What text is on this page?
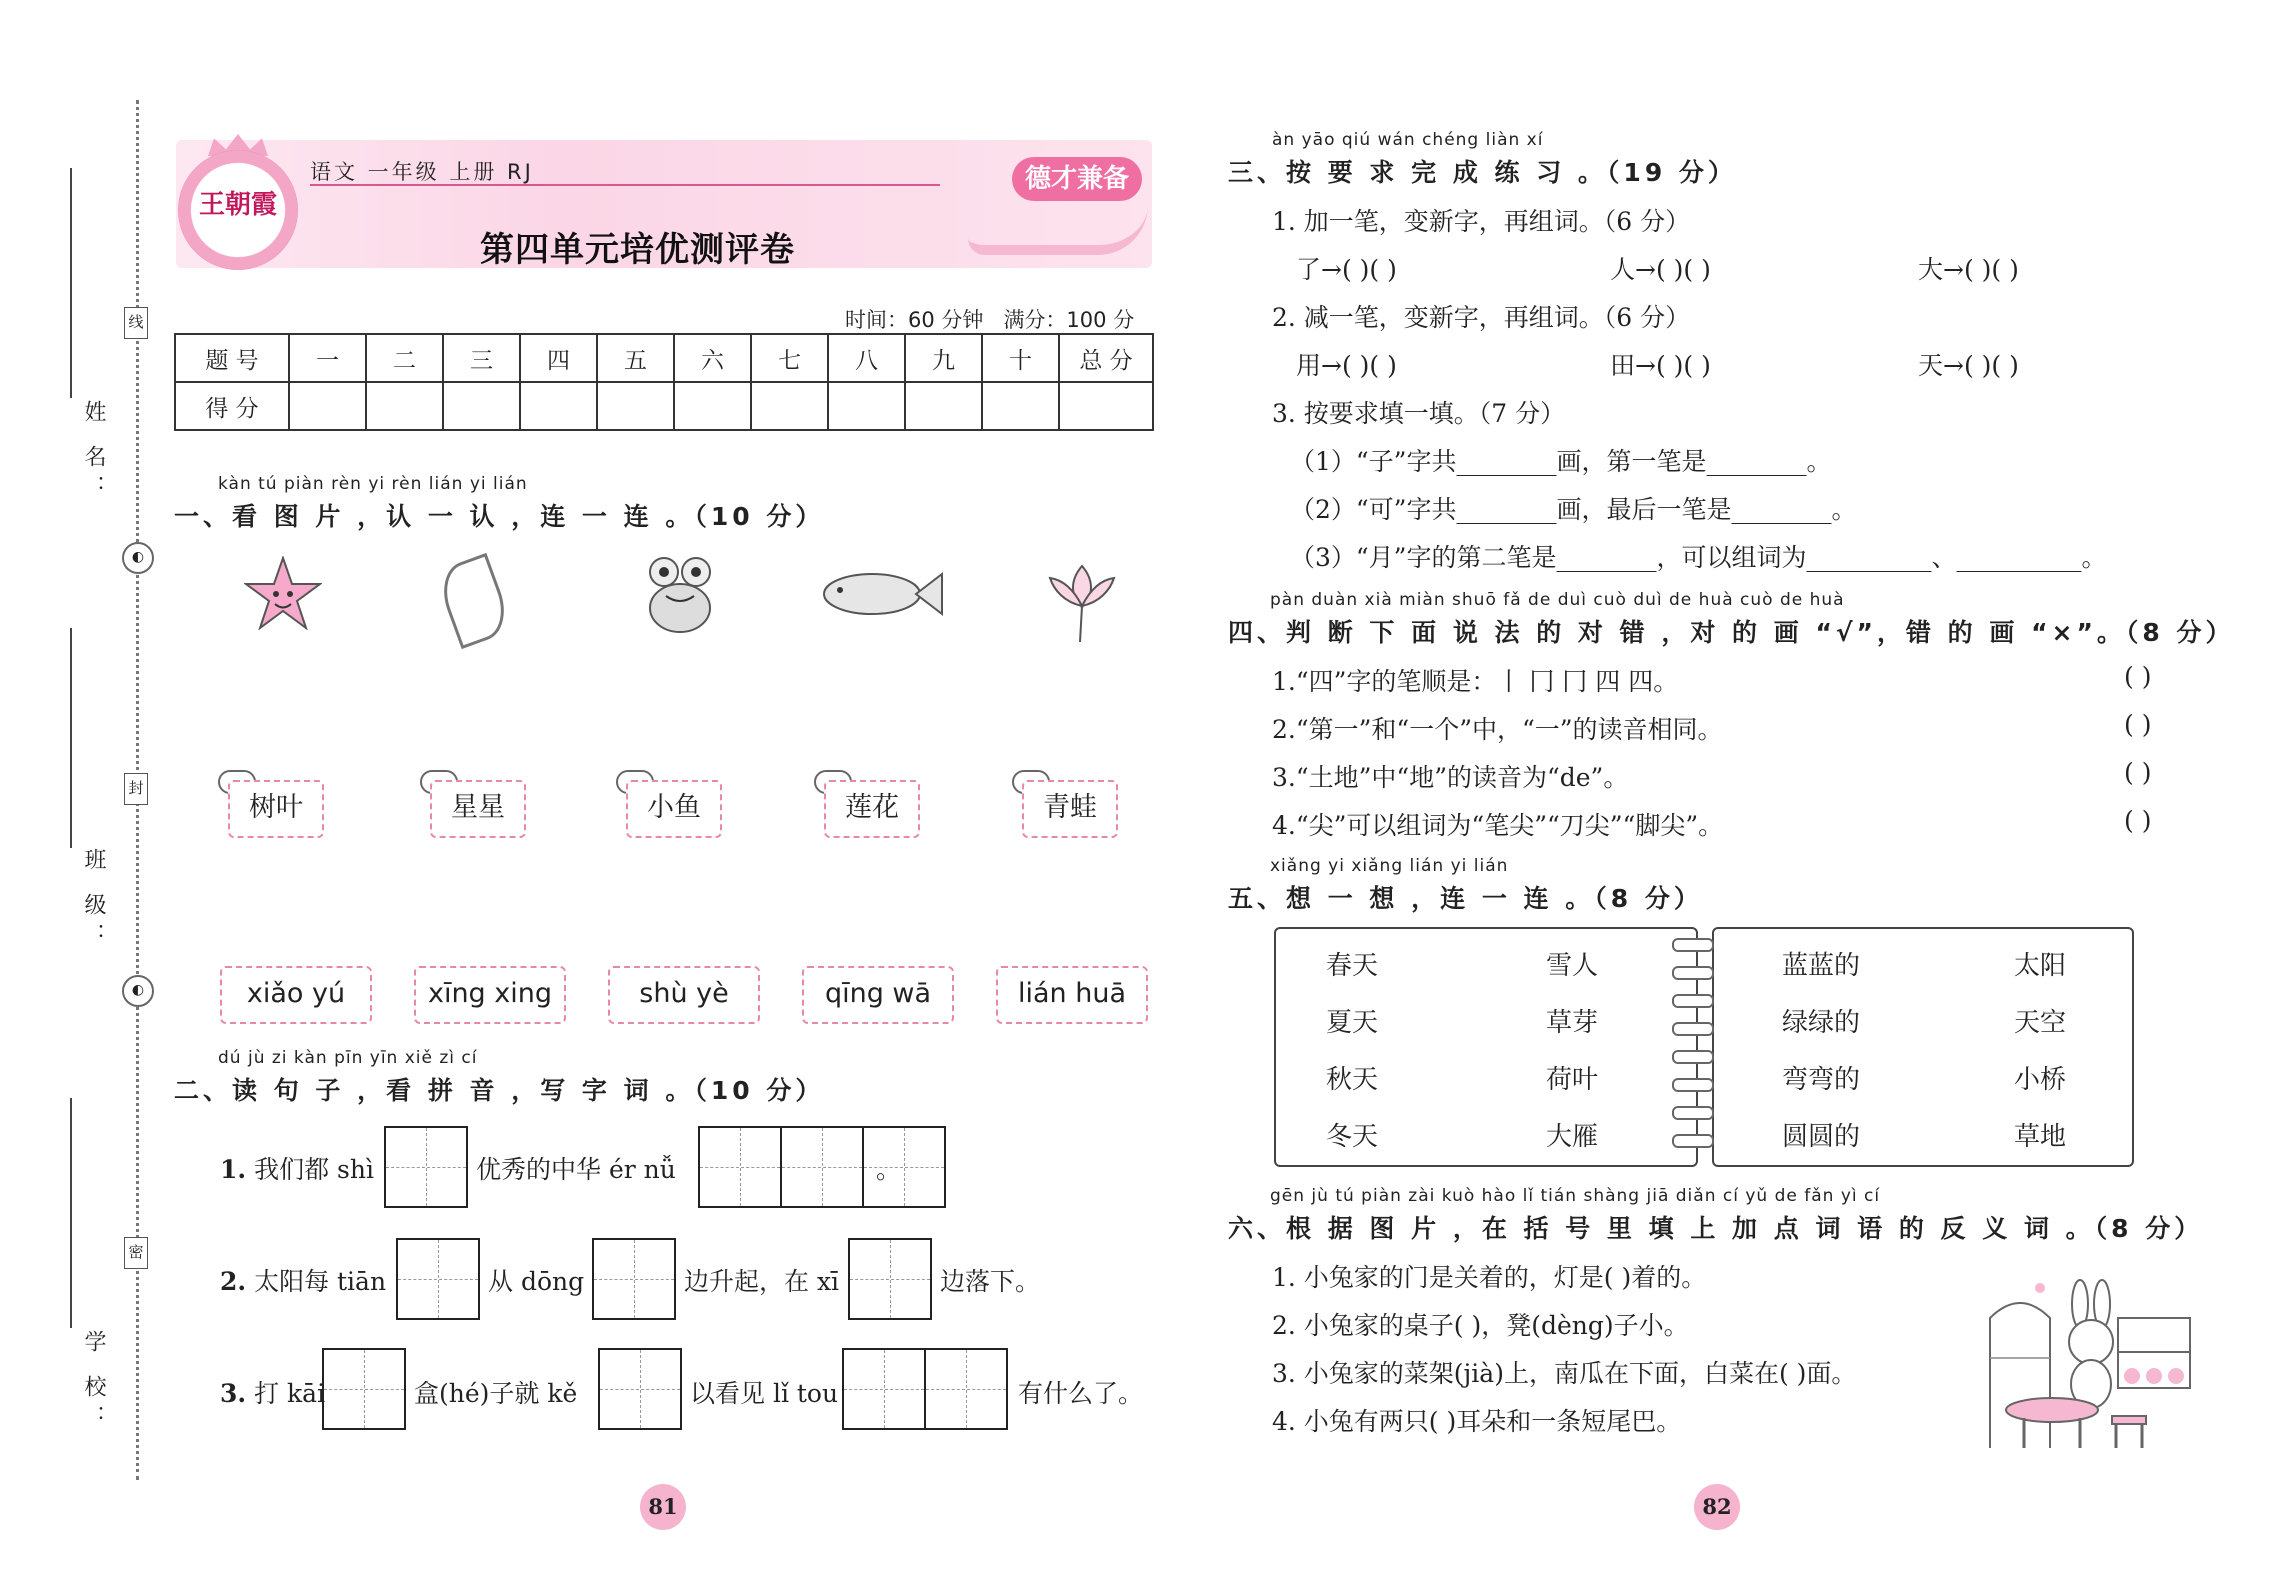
姓 名：
线
◐
班 级：
封
◐
学 校：
密
王朝霞
语文 一年级 上册 RJ
第四单元培优测评卷
德才兼备
时间：60 分钟 满分：100 分
题 号	一	二	三	四	五	六	七	八	九	十	总 分
得 分											
kàn tú piàn rèn yi rèn lián yi lián
一、看 图 片 ，认 一 认 ，连 一 连 。（10 分）
树叶	星星	小鱼	莲花	青蛙
xiǎo yú	xīng xing	shù yè	qīng wā	lián huā
dú jù zi kàn pīn yīn xiě zì cí
二、读 句 子 ，看 拼 音 ，写 字 词 。（10 分）
1. 我们都 shì	优秀的中华 ér nǚ	。
2. 太阳每 tiān	从 dōng	边升起，在 xī	边落下。
3. 打 kāi	盒(hé)子就 kě	以看见 lǐ tou	有什么了。
81
àn yāo qiú wán chéng liàn xí
三、按 要 求 完 成 练 习 。（19 分）
1. 加一笔，变新字，再组词。（6 分）
了→( )( )	人→( )( )	大→( )( )
2. 减一笔，变新字，再组词。（6 分）
用→( )( )	田→( )( )	天→( )( )
3. 按要求填一填。（7 分）
（1）“子”字共________画，第一笔是________。
（2）“可”字共________画，最后一笔是________。
（3）“月”字的第二笔是________，可以组词为__________、__________。
pàn duàn xià miàn shuō fǎ de duì cuò duì de huà cuò de huà
四、判 断 下 面 说 法 的 对 错 ，对 的 画 “√”，错 的 画 “×”。（8 分）
1.“四”字的笔顺是：丨 冂 冂 四 四。	( )
2.“第一”和“一个”中，“一”的读音相同。	( )
3.“土地”中“地”的读音为“de”。	( )
4.“尖”可以组词为“笔尖”“刀尖”“脚尖”。	( )
xiǎng yi xiǎng lián yi lián
五、想 一 想 ，连 一 连 。（8 分）
春天
夏天
秋天
冬天
雪人
草芽
荷叶
大雁
蓝蓝的
绿绿的
弯弯的
圆圆的
太阳
天空
小桥
草地
gēn jù tú piàn zài kuò hào lǐ tián shàng jiā diǎn cí yǔ de fǎn yì cí
六、根 据 图 片 ，在 括 号 里 填 上 加 点 词 语 的 反 义 词 。（8 分）
1. 小兔家的门是关着的，灯是( )着的。
2. 小兔家的桌子( )，凳(dèng)子小。
3. 小兔家的菜架(jià)上，南瓜在下面，白菜在( )面。
4. 小兔有两只( )耳朵和一条短尾巴。
82
